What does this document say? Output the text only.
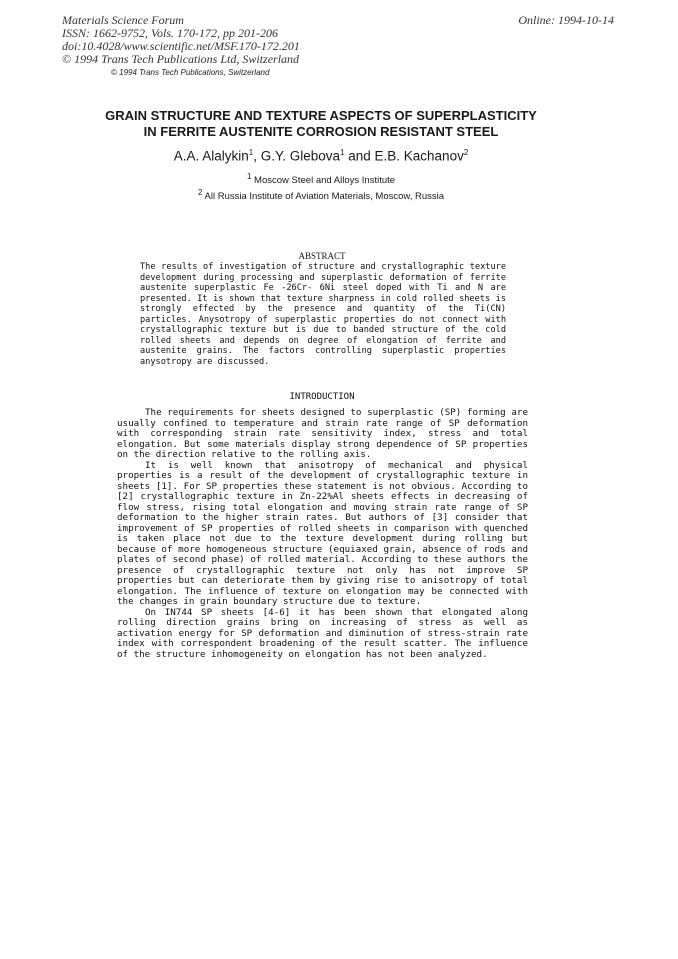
Materials Science Forum
ISSN: 1662-9752, Vols. 170-172, pp 201-206
doi:10.4028/www.scientific.net/MSF.170-172.201
© 1994 Trans Tech Publications Ltd, Switzerland
Online: 1994-10-14
© 1994 Trans Tech Publications, Switzerland
GRAIN STRUCTURE AND TEXTURE ASPECTS OF SUPERPLASTICITY
IN FERRITE AUSTENITE CORROSION RESISTANT STEEL
A.A. Alalykin$^1$, G.Y. Glebova$^1$ and E.B. Kachanov$^2$
$^1$ Moscow Steel and Alloys Institute
$^2$ All Russia Institute of Aviation Materials, Moscow, Russia
ABSTRACT
The results of investigation of structure and crystallographic texture development during processing and superplastic deformation of ferrite austenite superplastic Fe -26Cr- 6Ni steel doped with Ti and N are presented. It is shown that texture sharpness in cold rolled sheets is strongly effected by the presence and quantity of the Ti(CN) particles. Anysotropy of superplastic properties do not connect with crystallographic texture but is due to banded structure of the cold rolled sheets and depends on degree of elongation of ferrite and austenite grains. The factors controlling superplastic properties anysotropy are discussed.
INTRODUCTION

The requirements for sheets designed to superplastic (SP) forming are usually confined to temperature and strain rate range of SP deformation with corresponding strain rate sensitivity index, stress and total elongation. But some materials display strong dependence of SP properties on the direction relative to the rolling axis.

It is well known that anisotropy of mechanical and physical properties is a result of the development of crystallographic texture in sheets [1]. For SP properties these statement is not obvious. According to [2] crystallographic texture in Zn-22%Al sheets effects in decreasing of flow stress, rising total elongation and moving strain rate range of SP deformation to the higher strain rates. But authors of [3] consider that improvement of SP properties of rolled sheets in comparison with quenched is taken place not due to the texture development during rolling but because of more homogeneous structure (equiaxed grain, absence of rods and plates of second phase) of rolled material. According to these authors the presence of crystallographic texture not only has not improve SP properties but can deteriorate them by giving rise to anisotropy of total elongation. The influence of texture on elongation may be connected with the changes in grain boundary structure due to texture.

On IN744 SP sheets [4-6] it has been shown that elongated along rolling direction grains bring on increasing of stress as well as activation energy for SP deformation and diminution of stress-strain rate index with correspondent broadening of the result scatter. The influence of the structure inhomogeneity on elongation has not been analyzed.
